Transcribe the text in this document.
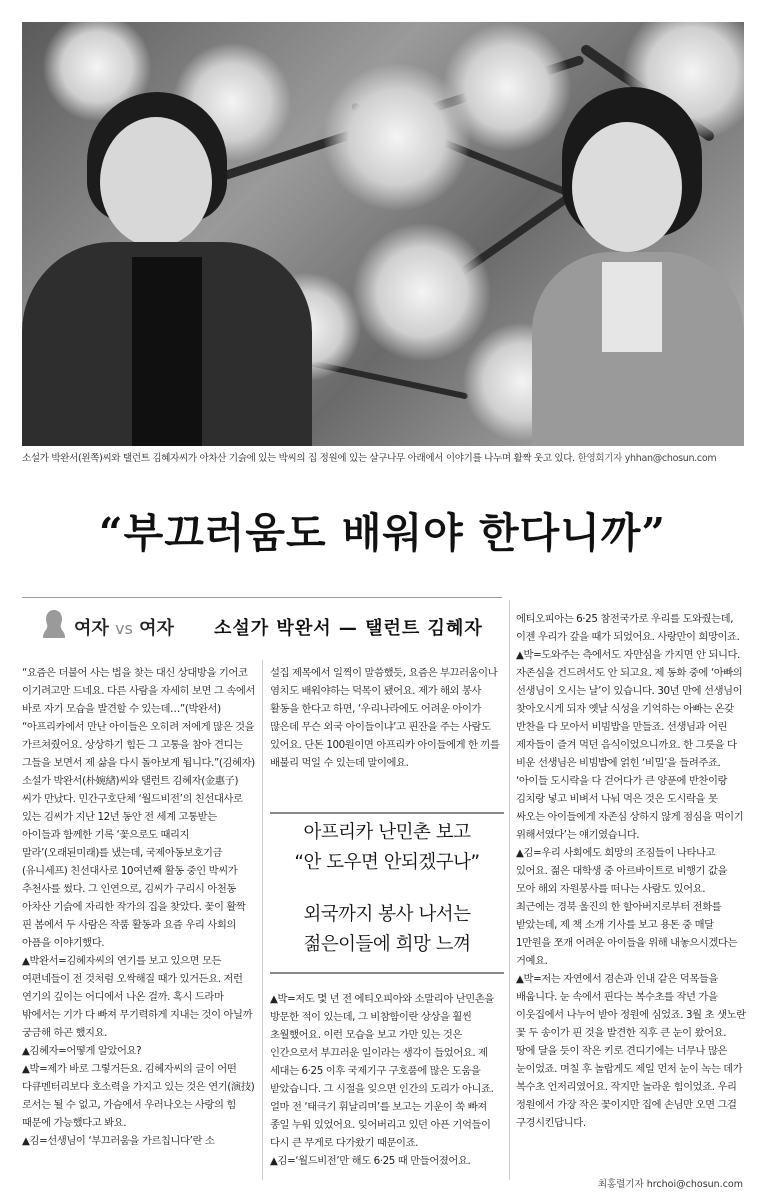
소설가 박완서(왼쪽)씨와 탤런트 김혜자씨가 아차산 기슭에 있는 박씨의 집 정원에 있는 살구나무 아래에서 이야기를 나누며 활짝 웃고 있다. 한영회기자 yhhan@chosun.com
“부끄러움도 배워야 한다니까”
여자 vs 여자 소설가 박완서 — 탤런트 김혜자

“요즘은 더불어 사는 법을 찾는 대신 상대방을 기어코 이기려고만 드네요. 다른 사람을 자세히 보면 그 속에서 바로 자기 모습을 발견할 수 있는데…”(박완서)

“아프리카에서 만난 아이들은 오히려 저에게 많은 것을 가르쳐줬어요. 상상하기 힘든 그 고통을 참아 견디는 그들을 보면서 제 삶을 다시 돌아보게 됩니다.”(김혜자)

소설가 박완서(朴婉緖)씨와 탤런트 김혜자(金惠子)씨가 만났다. 민간구호단체 ‘월드비전’의 친선대사로 있는 김씨가 지난 12년 동안 전 세계 고통받는 아이들과 함께한 기록 ‘꽃으로도 때리지 말라’(오래된미래)를 냈는데, 국제아동보호기금(유니세프) 친선대사로 10여년째 활동 중인 박씨가 추천사를 썼다. 그 인연으로, 김씨가 구리시 아천동 아차산 기슭에 자리한 작가의 집을 찾았다. 꽃이 활짝 핀 봄에서 두 사람은 작품 활동과 요즘 우리 사회의 아픔을 이야기했다.

▲박완서=김혜자씨의 연기를 보고 있으면 모든 여편네들이 전 것처럼 오싹해질 때가 있거든요. 저런 연기의 깊이는 어디에서 나온 걸까. 혹시 드라마 밖에서는 기가 다 빠져 무기력하게 지내는 것이 아닐까 궁금해 하곤 했지요.

▲김혜자=어떻게 알았어요?

▲박=제가 바로 그렇거든요. 김혜자씨의 글이 어떤 다큐멘터리보다 호소력을 가지고 있는 것은 연기(演技)로서는 될 수 없고, 가슴에서 우러나오는 사랑의 힘 때문에 가능했다고 봐요.

▲김=선생님이 ‘부끄러움을 가르칩니다’란 소

설집 제목에서 일찍이 말씀했듯, 요즘은 부끄러움이나 염치도 배워야하는 덕목이 됐어요. 제가 해외 봉사 활동을 한다고 하면, ‘우리나라에도 어려운 아이가 많은데 무슨 외국 아이들이냐’고 핀잔을 주는 사람도 있어요. 단돈 100원이면 아프리카 아이들에게 한 끼를 배불리 먹일 수 있는데 말이에요.

아프리카 난민촌 보고
“안 도우면 안되겠구나”
외국까지 봉사 나서는
젊은이들에 희망 느껴

▲박=저도 몇 년 전 에티오피아와 소말리아 난민촌을 방문한 적이 있는데, 그 비참함이란 상상을 훨씬 초월했어요. 이런 모습을 보고 가만 있는 것은 인간으로서 부끄러운 일이라는 생각이 들었어요. 제 세대는 6·25 이후 국제기구 구호품에 많은 도움을 받았습니다. 그 시절을 잊으면 인간의 도리가 아니죠. 얼마 전 ‘태극기 휘날리며’를 보고는 기운이 쑥 빠져 종일 누워 있었어요. 잊어버리고 있던 아픈 기억들이 다시 큰 무게로 다가왔기 때문이죠.

▲김=‘월드비전’만 해도 6·25 때 만들어졌어요.

에티오피아는 6·25 참전국가로 우리를 도와줬는데, 이젠 우리가 갚을 때가 되었어요. 사랑만이 희망이죠.

▲박=도와주는 측에서도 자만심을 가지면 안 되니다. 자존심을 건드려서도 안 되고요. 제 동화 중에 ‘아빠의 선생님이 오시는 날’이 있습니다. 30년 만에 선생님이 찾아오시게 되자 옛날 식성을 기억하는 아빠는 온갖 반찬을 다 모아서 비빔밥을 만들죠. 선생님과 어린 제자들이 즐겨 먹던 음식이었으니까요. 한 그릇을 다 비운 선생님은 비빔밥에 얽힌 ‘비밀’을 들려주죠. ‘아이들 도시락을 다 걷어다가 큰 양푼에 반찬이랑 김치랑 넣고 비벼서 나눠 먹은 것은 도시락을 못 싸오는 아이들에게 자존심 상하지 않게 점심을 먹이기 위해서였다’는 얘기였습니다.

▲김=우리 사회에도 희망의 조짐들이 나타나고 있어요. 젊은 대학생 중 아르바이트로 비행기 값을 모아 해외 자원봉사를 떠나는 사람도 있어요. 최근에는 경북 울진의 한 할아버지로부터 전화를 받았는데, 제 책 소개 기사를 보고 용돈 중 매달 1만원을 쪼개 어려운 아이들을 위해 내놓으시겠다는 거예요.

▲박=저는 자연에서 겸손과 인내 같은 덕목들을 배웁니다. 눈 속에서 핀다는 복수초를 작년 가을 이웃집에서 나누어 받아 정원에 심었죠. 3월 초 샛노란 꽃 두 송이가 핀 것을 발견한 직후 큰 눈이 왔어요. 땅에 달을 듯이 작은 키로 견디기에는 너무나 많은 눈이었죠. 며칠 후 놀랍게도 제일 먼저 눈이 녹는 데가 복수초 언저리였어요. 작지만 놀라운 힘이었죠. 우리 정원에서 가장 작은 꽃이지만 집에 손님만 오면 그걸 구경시킨답니다.

최홍렬기자 hrchoi@chosun.com
